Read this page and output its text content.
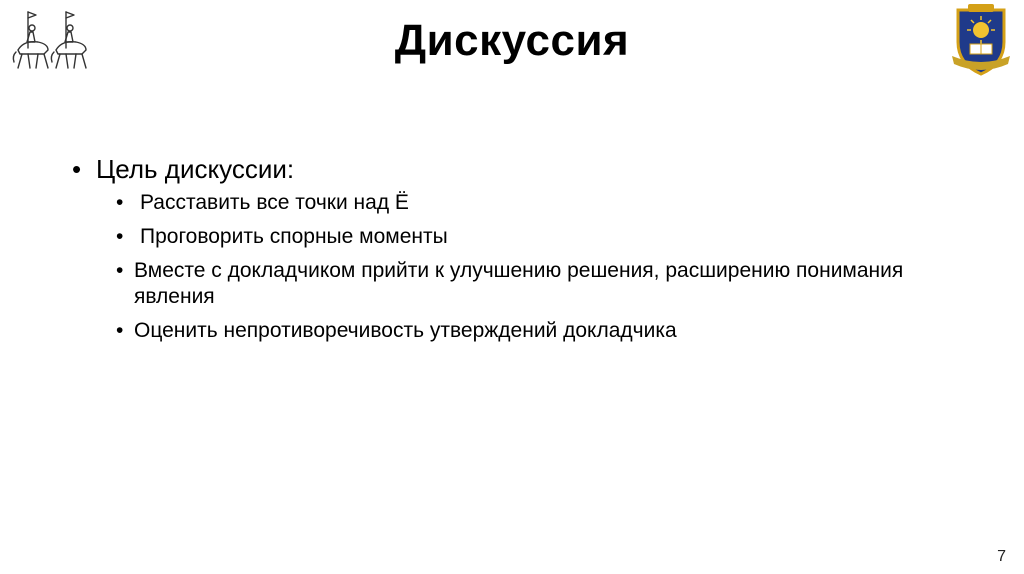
Дискуссия
• Цель дискуссии:
• Расставить все точки над Ё
• Проговорить спорные моменты
• Вместе с докладчиком прийти к улучшению решения, расширению понимания явления
• Оценить непротиворечивость утверждений докладчика
7
